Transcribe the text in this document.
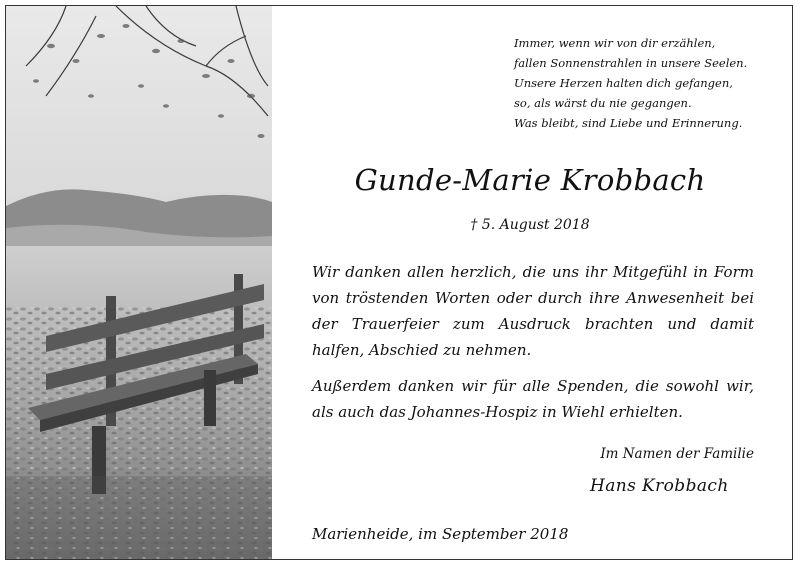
Immer, wenn wir von dir erzählen,
fallen Sonnenstrahlen in unsere Seelen.
Unsere Herzen halten dich gefangen,
so, als wärst du nie gegangen.
Was bleibt, sind Liebe und Erinnerung.
Gunde-Marie Krobbach
† 5. August 2018

Wir danken allen herzlich, die uns ihr Mitgefühl in Form von tröstenden Worten oder durch ihre Anwesenheit bei der Trauerfeier zum Ausdruck brachten und damit halfen, Abschied zu nehmen.

Außerdem danken wir für alle Spenden, die sowohl wir, als auch das Johannes-Hospiz in Wiehl erhielten.

Im Namen der Familie
Hans Krobbach
Marienheide, im September 2018
